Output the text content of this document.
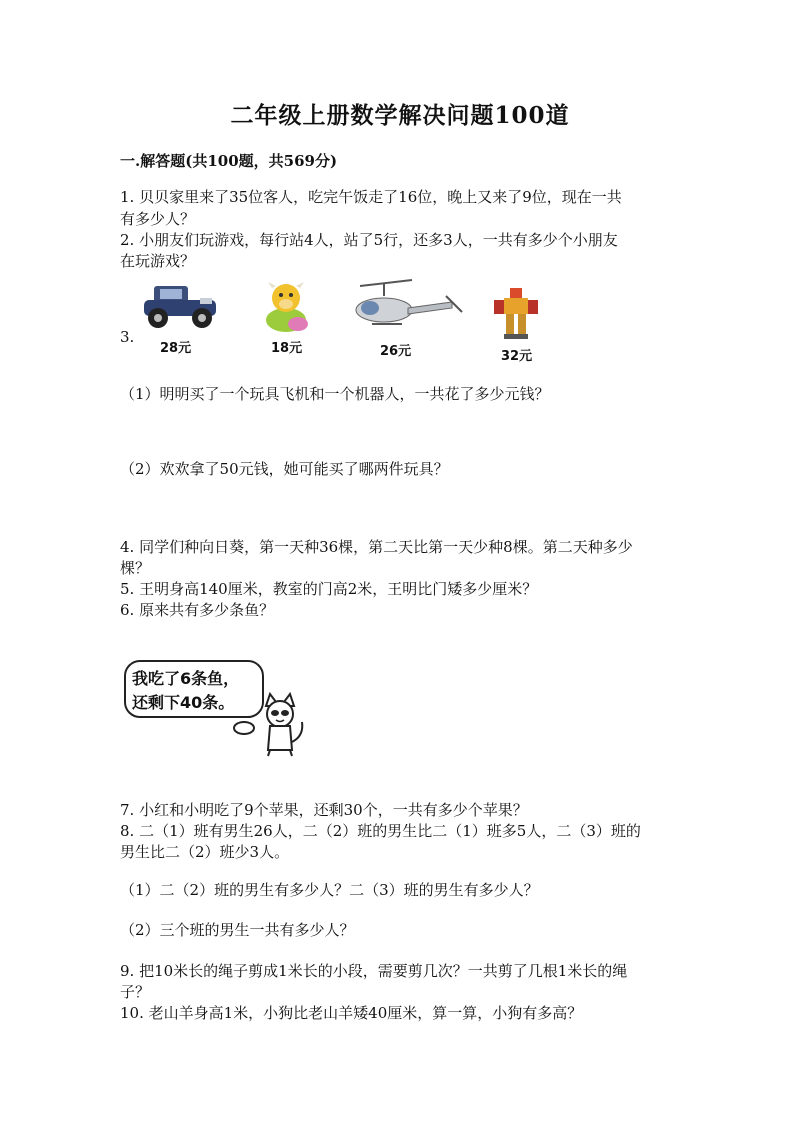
二年级上册数学解决问题100道
一.解答题(共100题，共569分)
1. 贝贝家里来了35位客人，吃完午饭走了16位，晚上又来了9位，现在一共
有多少人？
2. 小朋友们玩游戏，每行站4人，站了5行，还多3人，一共有多少个小朋友
在玩游戏？
3.
28元	18元	26元	32元
（1）明明买了一个玩具飞机和一个机器人，一共花了多少元钱？
（2）欢欢拿了50元钱，她可能买了哪两件玩具？
4. 同学们种向日葵，第一天种36棵，第二天比第一天少种8棵。第二天种多少
棵？
5. 王明身高140厘米，教室的门高2米，王明比门矮多少厘米？
6. 原来共有多少条鱼？
我吃了6条鱼，
还剩下40条。
7. 小红和小明吃了9个苹果，还剩30个，一共有多少个苹果？
8. 二（1）班有男生26人，二（2）班的男生比二（1）班多5人，二（3）班的
男生比二（2）班少3人。
（1）二（2）班的男生有多少人？二（3）班的男生有多少人？
（2）三个班的男生一共有多少人？
9. 把10米长的绳子剪成1米长的小段，需要剪几次？一共剪了几根1米长的绳
子？
10. 老山羊身高1米，小狗比老山羊矮40厘米，算一算，小狗有多高？
